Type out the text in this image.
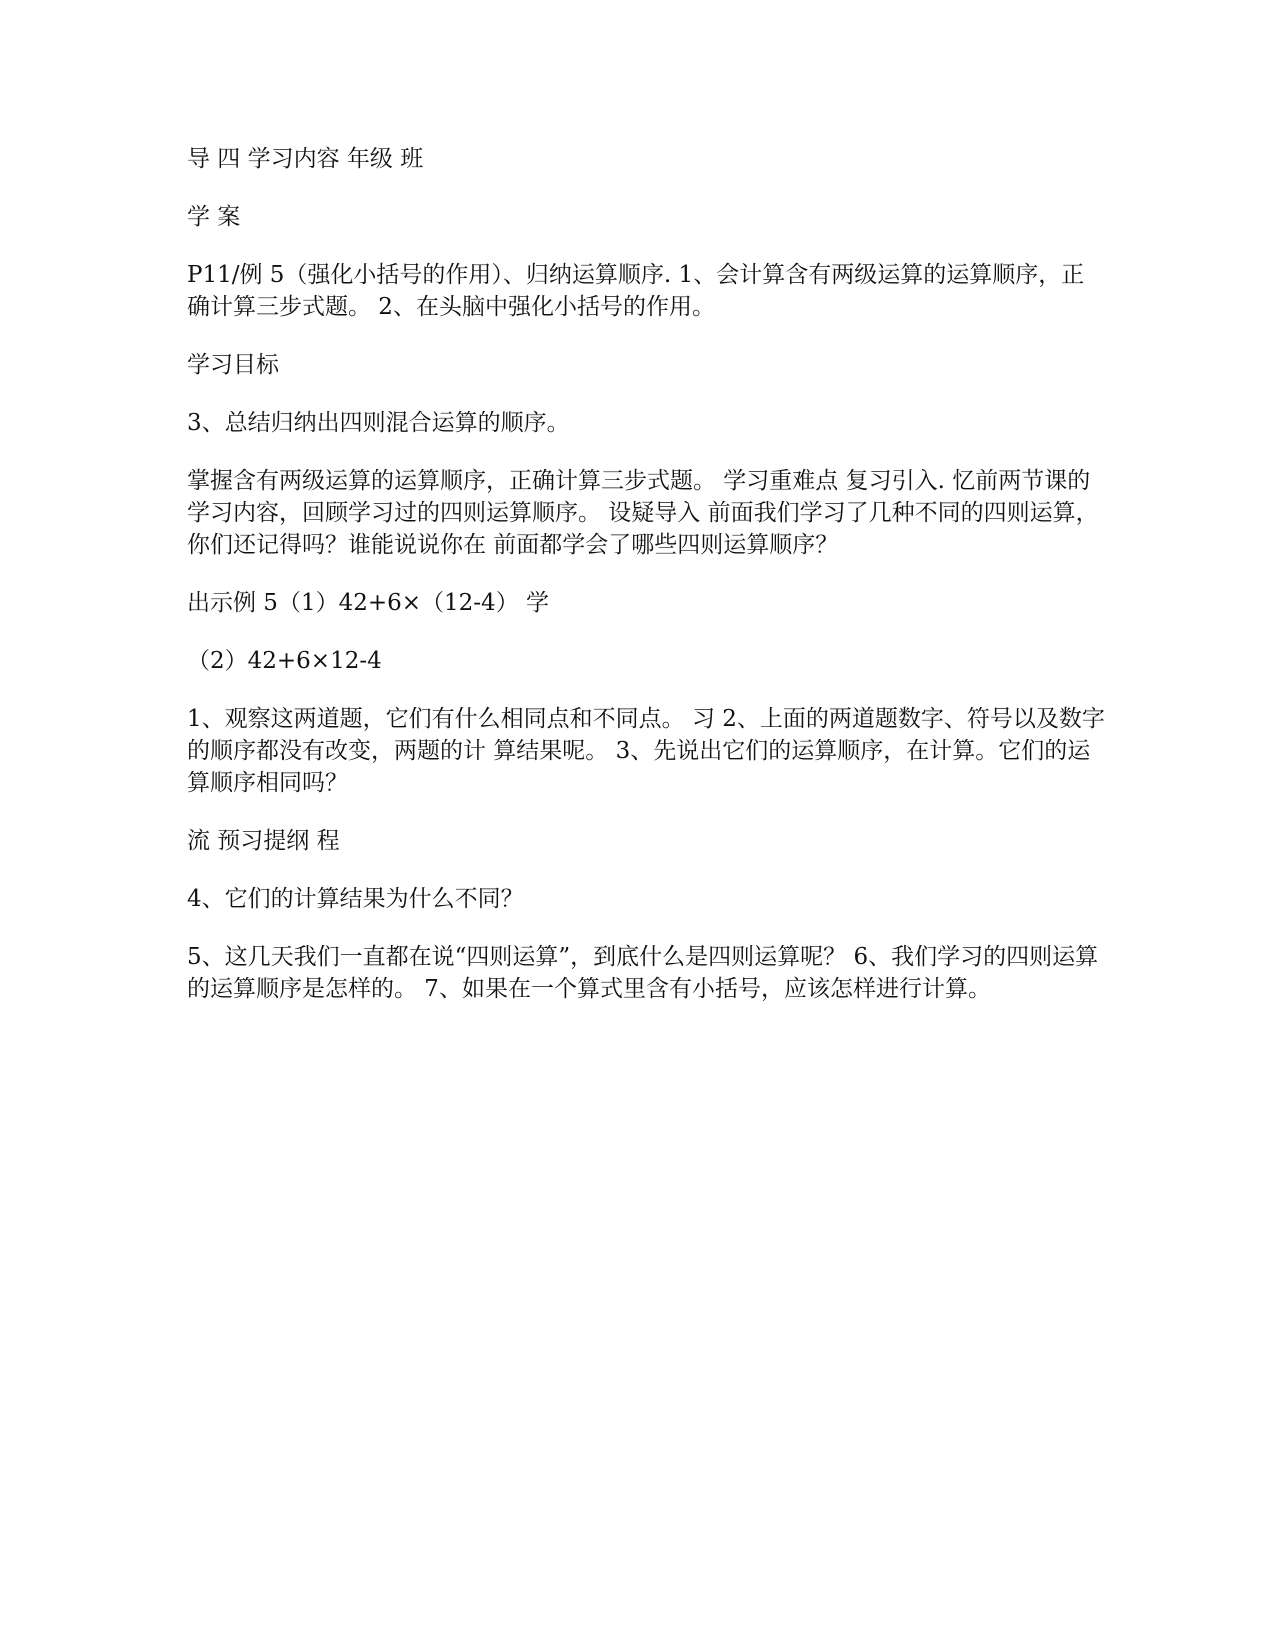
导 四 学习内容 年级 班

学 案

P11/例 5（强化小括号的作用）、归纳运算顺序. 1、会计算含有两级运算的运算顺序，正确计算三步式题。 2、在头脑中强化小括号的作用。

学习目标

3、总结归纳出四则混合运算的顺序。

掌握含有两级运算的运算顺序，正确计算三步式题。 学习重难点 复习引入. 忆前两节课的学习内容，回顾学习过的四则运算顺序。 设疑导入 前面我们学习了几种不同的四则运算， 你们还记得吗？谁能说说你在 前面都学会了哪些四则运算顺序？

出示例 5（1）42+6×（12-4） 学

（2）42+6×12-4

1、观察这两道题，它们有什么相同点和不同点。 习 2、上面的两道题数字、符号以及数字的顺序都没有改变，两题的计 算结果呢。 3、先说出它们的运算顺序，在计算。它们的运算顺序相同吗？

流 预习提纲 程

4、它们的计算结果为什么不同？

5、这几天我们一直都在说“四则运算”，到底什么是四则运算呢？ 6、我们学习的四则运算的运算顺序是怎样的。 7、如果在一个算式里含有小括号，应该怎样进行计算。
